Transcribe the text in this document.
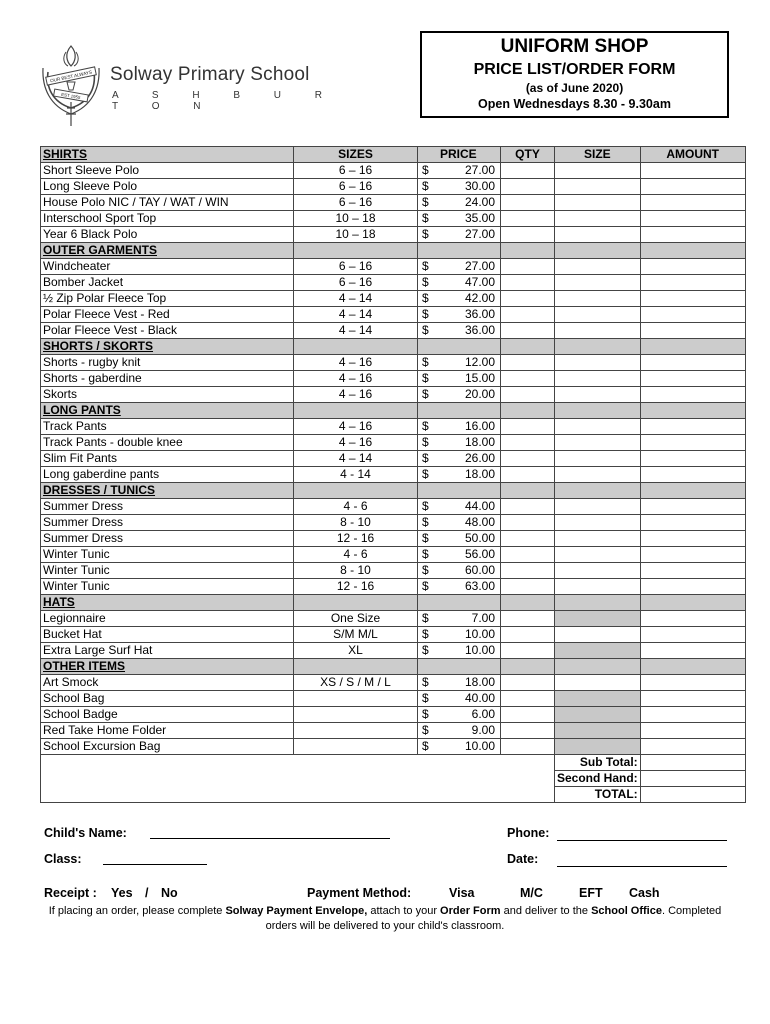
OUR BEST ALWAYS
EST 1955
Solway Primary School
A S H B U R T O N
UNIFORM SHOP
PRICE LIST/ORDER FORM
(as of June 2020)
Open Wednesdays 8.30 - 9.30am
SHIRTS	SIZES		PRICE	QTY	SIZE	AMOUNT
Short Sleeve Polo	6 – 16	$	27.00			
Long Sleeve Polo	6 – 16	$	30.00			
House Polo NIC / TAY / WAT / WIN	6 – 16	$	24.00			
Interschool Sport Top	10 – 18	$	35.00			
Year 6 Black Polo	10 – 18	$	27.00			
OUTER GARMENTS						
Windcheater	6 – 16	$	27.00			
Bomber Jacket	6 – 16	$	47.00			
½ Zip Polar Fleece Top	4 – 14	$	42.00			
Polar Fleece Vest - Red	4 – 14	$	36.00			
Polar Fleece Vest - Black	4 – 14	$	36.00			
SHORTS / SKORTS						
Shorts - rugby knit	4 – 16	$	12.00			
Shorts - gaberdine	4 – 16	$	15.00			
Skorts	4 – 16	$	20.00			
LONG PANTS						
Track Pants	4 – 16	$	16.00			
Track Pants - double knee	4 – 16	$	18.00			
Slim Fit Pants	4 – 14	$	26.00			
Long gaberdine pants	4 - 14	$	18.00			
DRESSES / TUNICS						
Summer Dress	4 - 6	$	44.00			
Summer Dress	8 - 10	$	48.00			
Summer Dress	12 - 16	$	50.00			
Winter Tunic	4 - 6	$	56.00			
Winter Tunic	8 - 10	$	60.00			
Winter Tunic	12 - 16	$	63.00			
HATS						
Legionnaire	One Size	$	7.00			
Bucket Hat	S/M M/L	$	10.00			
Extra Large Surf Hat	XL	$	10.00			
OTHER ITEMS						
Art Smock	XS / S / M / L	$	18.00			
School Bag		$	40.00			
School Badge		$	6.00			
Red Take Home Folder		$	9.00			
School Excursion Bag		$	10.00			
					Sub Total:	
					Second Hand:	
					TOTAL:	
Child's Name:
Class:
Phone:
Date:
Receipt : Yes / No	Payment Method:	Visa	M/C	EFT Cash
If placing an order, please complete Solway Payment Envelope, attach to your Order Form and deliver to the School Office. Completed orders will be delivered to your child's classroom.
